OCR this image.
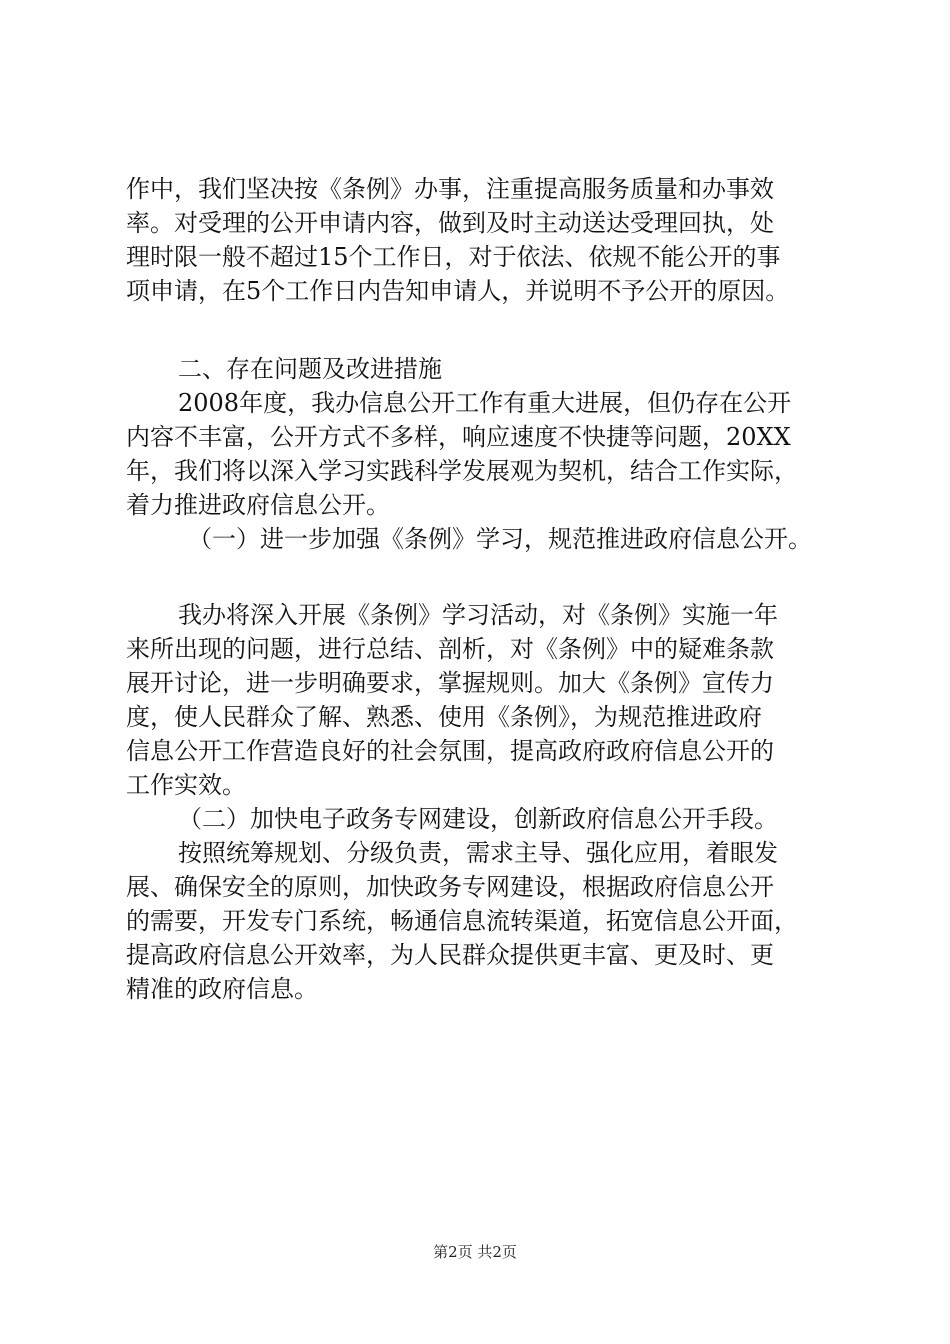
作中，我们坚决按《条例》办事，注重提高服务质量和办事效
率。对受理的公开申请内容，做到及时主动送达受理回执，处
理时限一般不超过15个工作日，对于依法、依规不能公开的事
项申请，在5个工作日内告知申请人，并说明不予公开的原因。
二、存在问题及改进措施
2008年度，我办信息公开工作有重大进展，但仍存在公开
内容不丰富，公开方式不多样，响应速度不快捷等问题，20XX
年，我们将以深入学习实践科学发展观为契机，结合工作实际，
着力推进政府信息公开。
（一）进一步加强《条例》学习，规范推进政府信息公开。
我办将深入开展《条例》学习活动，对《条例》实施一年
来所出现的问题，进行总结、剖析，对《条例》中的疑难条款
展开讨论，进一步明确要求，掌握规则。加大《条例》宣传力
度，使人民群众了解、熟悉、使用《条例》，为规范推进政府
信息公开工作营造良好的社会氛围，提高政府政府信息公开的
工作实效。
（二）加快电子政务专网建设，创新政府信息公开手段。
按照统筹规划、分级负责，需求主导、强化应用，着眼发
展、确保安全的原则，加快政务专网建设，根据政府信息公开
的需要，开发专门系统，畅通信息流转渠道，拓宽信息公开面，
提高政府信息公开效率，为人民群众提供更丰富、更及时、更
精准的政府信息。
第2页 共2页
